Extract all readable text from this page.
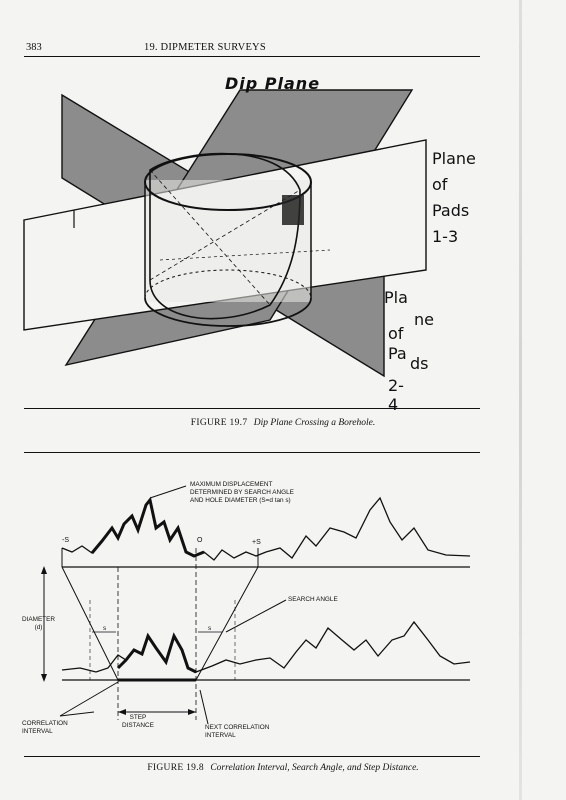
383	19. DIPMETER SURVEYS
Dip Plane
Plane
of
Pads
1-3
Pla
ne
of
Pa
ds
2-4
FIGURE 19.7 Dip Plane Crossing a Borehole.
MAXIMUM DISPLACEMENT
DETERMINED BY SEARCH ANGLE
AND HOLE DIAMETER (S=d tan s)
-S	+S
O
SEARCH ANGLE
DIAMETER
(d)	s	s
CORRELATION
INTERVAL
STEP
DISTANCE	NEXT CORRELATION
INTERVAL
FIGURE 19.8 Correlation Interval, Search Angle, and Step Distance.
